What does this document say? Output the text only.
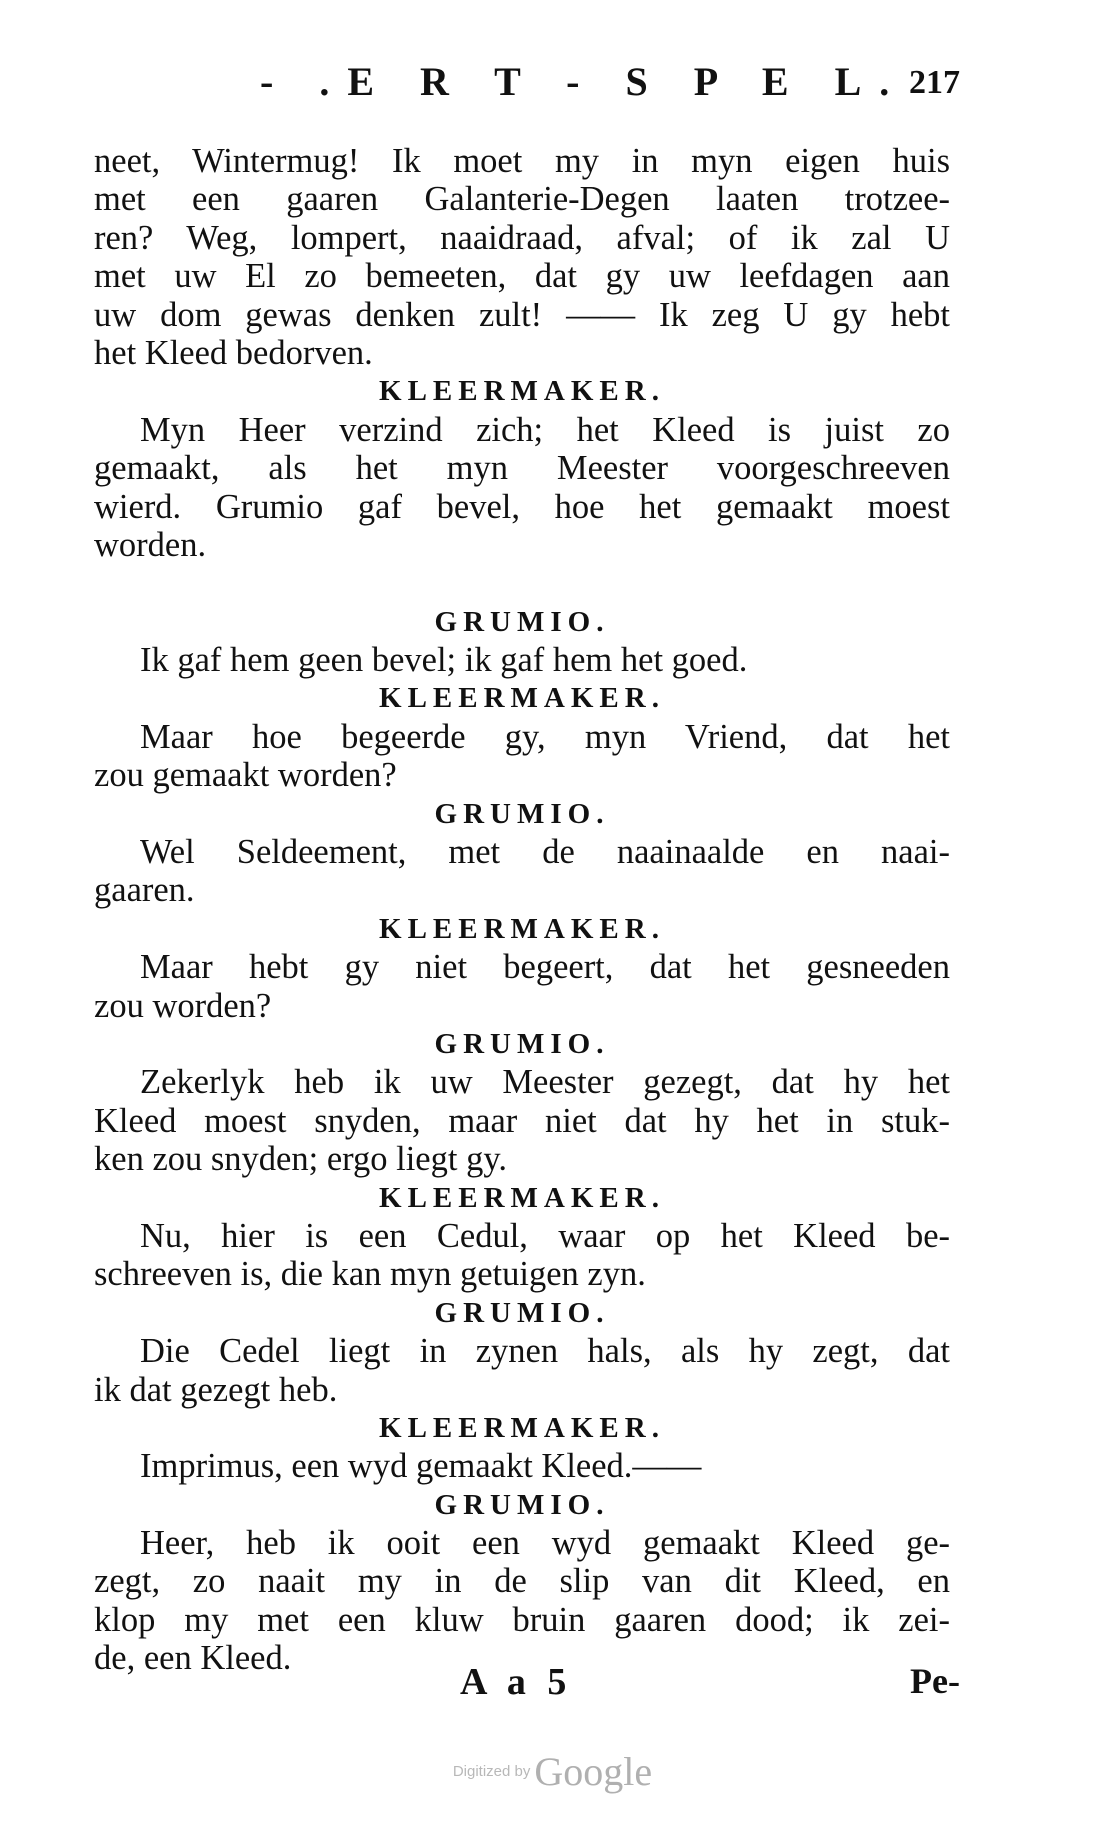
- .E R T - S P E L. 217
neet, Wintermug! Ik moet my in myn eigen huis
met een gaaren Galanterie-Degen laaten trotzee-
ren? Weg, lompert, naaidraad, afval; of ik zal U
met uw El zo bemeeten, dat gy uw leefdagen aan
uw dom gewas denken zult! —— Ik zeg U gy hebt
het Kleed bedorven.
KLEERMAKER.
Myn Heer verzind zich; het Kleed is juist zo
gemaakt, als het myn Meester voorgeschreeven
wierd. Grumio gaf bevel, hoe het gemaakt moest
worden.
GRUMIO.
Ik gaf hem geen bevel; ik gaf hem het goed.
KLEERMAKER.
Maar hoe begeerde gy, myn Vriend, dat het
zou gemaakt worden?
GRUMIO.
Wel Seldeement, met de naainaalde en naai-
gaaren.
KLEERMAKER.
Maar hebt gy niet begeert, dat het gesneeden
zou worden?
GRUMIO.
Zekerlyk heb ik uw Meester gezegt, dat hy het
Kleed moest snyden, maar niet dat hy het in stuk-
ken zou snyden; ergo liegt gy.
KLEERMAKER.
Nu, hier is een Cedul, waar op het Kleed be-
schreeven is, die kan myn getuigen zyn.
GRUMIO.
Die Cedel liegt in zynen hals, als hy zegt, dat
ik dat gezegt heb.
KLEERMAKER.
Imprimus, een wyd gemaakt Kleed.——
GRUMIO.
Heer, heb ik ooit een wyd gemaakt Kleed ge-
zegt, zo naait my in de slip van dit Kleed, en
klop my met een kluw bruin gaaren dood; ik zei-
de, een Kleed.
A a 5	Pe-
Digitized by Google
